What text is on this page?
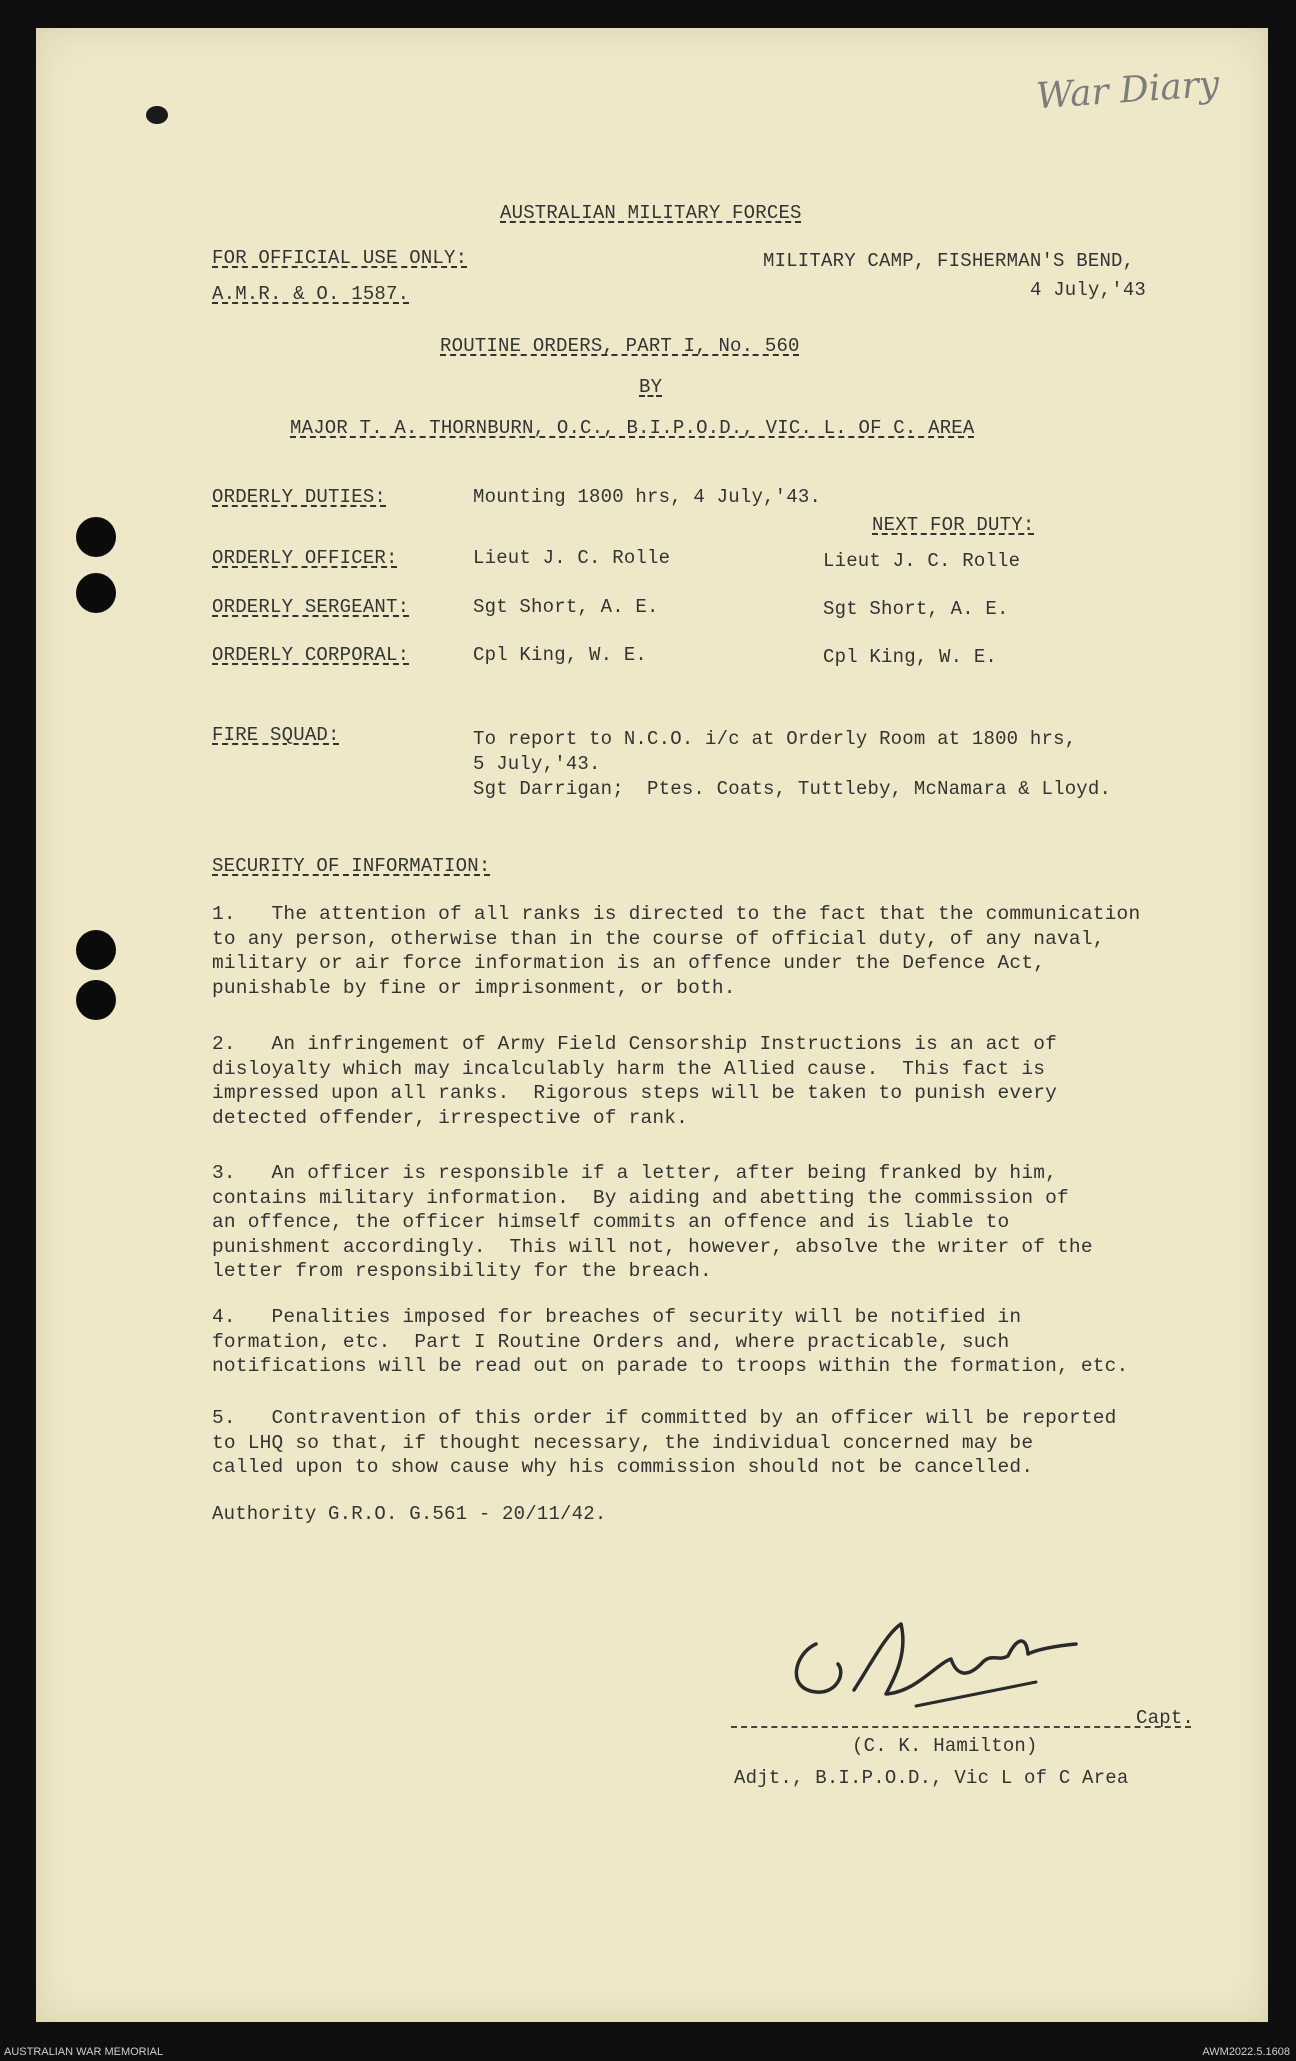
War Diary
AUSTRALIAN MILITARY FORCES
FOR OFFICIAL USE ONLY:
A.M.R. & O. 1587.
MILITARY CAMP, FISHERMAN'S BEND,
4 July,'43
ROUTINE ORDERS, PART I, No. 560
BY
MAJOR T. A. THORNBURN, O.C., B.I.P.O.D., VIC. L. OF C. AREA
ORDERLY DUTIES:	Mounting 1800 hrs, 4 July,'43.
NEXT FOR DUTY:
ORDERLY OFFICER:	Lieut J. C. Rolle	Lieut J. C. Rolle
ORDERLY SERGEANT:	Sgt Short, A. E.	Sgt Short, A. E.
ORDERLY CORPORAL:	Cpl King, W. E.	Cpl King, W. E.
FIRE SQUAD:	To report to N.C.O. i/c at Orderly Room at 1800 hrs,
5 July,'43.
Sgt Darrigan;  Ptes. Coats, Tuttleby, McNamara & Lloyd.
SECURITY OF INFORMATION:
1.   The attention of all ranks is directed to the fact that the communication
to any person, otherwise than in the course of official duty, of any naval,
military or air force information is an offence under the Defence Act,
punishable by fine or imprisonment, or both.
2.   An infringement of Army Field Censorship Instructions is an act of
disloyalty which may incalculably harm the Allied cause.  This fact is
impressed upon all ranks.  Rigorous steps will be taken to punish every
detected offender, irrespective of rank.
3.   An officer is responsible if a letter, after being franked by him,
contains military information.  By aiding and abetting the commission of
an offence, the officer himself commits an offence and is liable to
punishment accordingly.  This will not, however, absolve the writer of the
letter from responsibility for the breach.
4.   Penalities imposed for breaches of security will be notified in
formation, etc.  Part I Routine Orders and, where practicable, such
notifications will be read out on parade to troops within the formation, etc.
5.   Contravention of this order if committed by an officer will be reported
to LHQ so that, if thought necessary, the individual concerned may be
called upon to show cause why his commission should not be cancelled.
Authority G.R.O. G.561 - 20/11/42.
Capt.
(C. K. Hamilton)
Adjt., B.I.P.O.D., Vic L of C Area
AUSTRALIAN WAR MEMORIAL	AWM2022.5.1608
